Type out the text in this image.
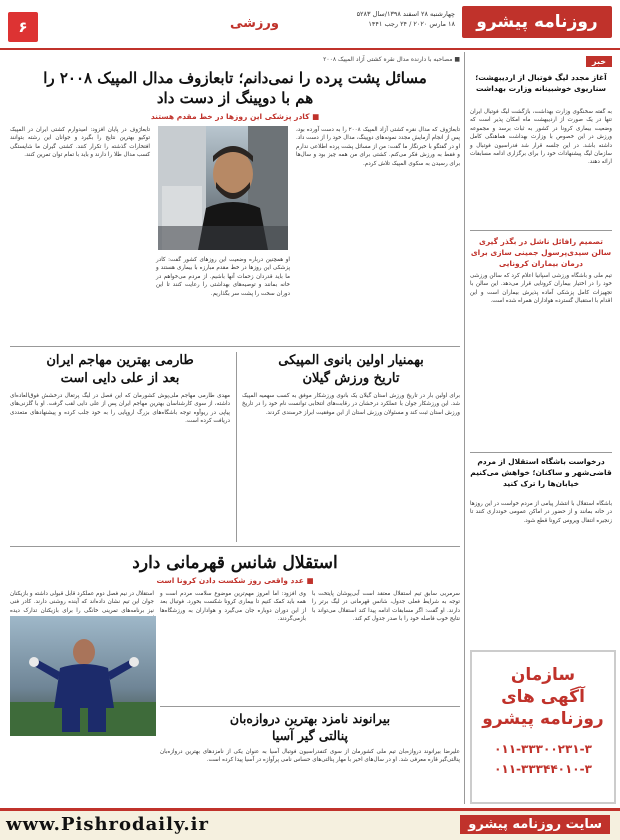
۶	ورزشی
چهارشنبه ۲۸ اسفند ۱۳۹۸/سال ۵۲۸۳
۱۸ مارس ۲۰۲۰ / ۲۴ رجب ۱۴۴۱	روزنامه پیشرو
خبر
آغاز مجدد لیگ فوتبال از اردیبهشت؛ سناریوی خوشبینانه وزارت بهداشت
به گفته سخنگوی وزارت بهداشت، بازگشت لیگ فوتبال ایران تنها در یک صورت از اردیبهشت ماه امکان پذیر است که وضعیت بیماری کرونا در کشور به ثبات برسد و مجموعه ورزش در این خصوص با وزارت بهداشت هماهنگی کامل داشته باشد. در این جلسه قرار شد فدراسیون فوتبال و سازمان لیگ پیشنهادات خود را برای برگزاری ادامه مسابقات ارائه دهند.
تصمیم رافائل ناشل در بگذر گیری سالن سیدی‌پرسول جمینی سازی برای درمان بیماران کرونایی
تیم ملی و باشگاه ورزشی اسپانیا اعلام کرد که سالن ورزشی خود را در اختیار بیماران کرونایی قرار می‌دهد. این سالن با تجهیزات کامل پزشکی آماده پذیرش بیماران است و این اقدام با استقبال گسترده هواداران همراه شده است.
درخواست باشگاه استقلال از مردم قاضی‌شهر و ساکنان؛ خواهش می‌کنیم خیابان‌ها را ترک کنید
باشگاه استقلال با انتشار پیامی از مردم خواست در این روزها در خانه بمانند و از حضور در اماکن عمومی خودداری کنند تا زنجیره انتقال ویروس کرونا قطع شود.
سازمان
آگهی های
روزنامه پیشرو
۰۱۱-۳۳۳۰۰۲۳۱-۳
۰۱۱-۳۳۳۴۴۰۱۰-۳
■ مصاحبه با دارنده مدال نقره کشتی آزاد المپیک ۲۰۰۸
مسائل پشت پرده را نمی‌دانم؛ تابعازوف مدال المپیک ۲۰۰۸ را
هم با دوپینگ از دست داد
■ کادر پزشکی این روزها در خط مقدم هستند
تابعاژوف که مدال نقره کشتی آزاد المپیک ۲۰۰۸ را به دست آورده بود، پس از انجام آزمایش مجدد نمونه‌های دوپینگ، مدال خود را از دست داد. او در گفتگو با خبرنگار ما گفت: من از مسائل پشت پرده اطلاعی ندارم و فقط به ورزش فکر می‌کنم. کشتی برای من همه چیز بود و سال‌ها برای رسیدن به سکوی المپیک تلاش کردم.
او همچنین درباره وضعیت این روزهای کشور گفت: کادر پزشکی این روزها در خط مقدم مبارزه با بیماری هستند و ما باید قدردان زحمات آنها باشیم. از مردم می‌خواهم در خانه بمانند و توصیه‌های بهداشتی را رعایت کنند تا این دوران سخت را پشت سر بگذاریم.
تابعاژوف در پایان افزود: امیدوارم کشتی ایران در المپیک توکیو بهترین نتایج را بگیرد و جوانان این رشته بتوانند افتخارات گذشته را تکرار کنند. کشتی گیران ما شایستگی کسب مدال طلا را دارند و باید با تمام توان تمرین کنند.
طارمی بهترین مهاجم ایران
بعد از علی دایی است
مهدی طارمی مهاجم ملی‌پوش کشورمان که این فصل در لیگ پرتغال درخشش فوق‌العاده‌ای داشته، از سوی کارشناسان بهترین مهاجم ایران پس از علی دایی لقب گرفت. او با گلزنی‌های پیاپی در ریوآوه توجه باشگاه‌های بزرگ اروپایی را به خود جلب کرده و پیشنهادهای متعددی دریافت کرده است.
بهمنیار اولین بانوی المپیکی
تاریخ ورزش گیلان
برای اولین بار در تاریخ ورزش استان گیلان یک بانوی ورزشکار موفق به کسب سهمیه المپیک شد. این ورزشکار جوان با عملکرد درخشان در رقابت‌های انتخابی توانست نام خود را در تاریخ ورزش استان ثبت کند و مسئولان ورزش استان از این موفقیت ابراز خرسندی کردند.
استقلال شانس قهرمانی دارد
■ عدد واقعی روز شکست دادن کرونا است
سرمربی سابق تیم استقلال معتقد است آبی‌پوشان پایتخت با توجه به شرایط فعلی جدول، شانس قهرمانی در لیگ برتر را دارند. او گفت: اگر مسابقات ادامه پیدا کند استقلال می‌تواند با نتایج خوب فاصله خود را با صدر جدول کم کند.
وی افزود: اما امروز مهم‌ترین موضوع سلامت مردم است و همه باید کمک کنیم تا بیماری کرونا شکست بخورد. فوتبال بعد از این دوران دوباره جان می‌گیرد و هواداران به ورزشگاه‌ها بازمی‌گردند.
استقلال در نیم فصل دوم عملکرد قابل قبولی داشته و بازیکنان جوان این تیم نشان داده‌اند که آینده روشنی دارند. کادر فنی نیز برنامه‌های تمرینی خانگی را برای بازیکنان تدارک دیده
بیرانوند نامزد بهترین دروازه‌بان
پنالتی گیر آسیا
علیرضا بیرانوند دروازه‌بان تیم ملی کشورمان از سوی کنفدراسیون فوتبال آسیا به عنوان یکی از نامزدهای بهترین دروازه‌بان پنالتی‌گیر قاره معرفی شد. او در سال‌های اخیر با مهار پنالتی‌های حساس نامی پرآوازه در آسیا پیدا کرده است.
www.Pishrodaily.ir	سایت روزنامه پیشرو
